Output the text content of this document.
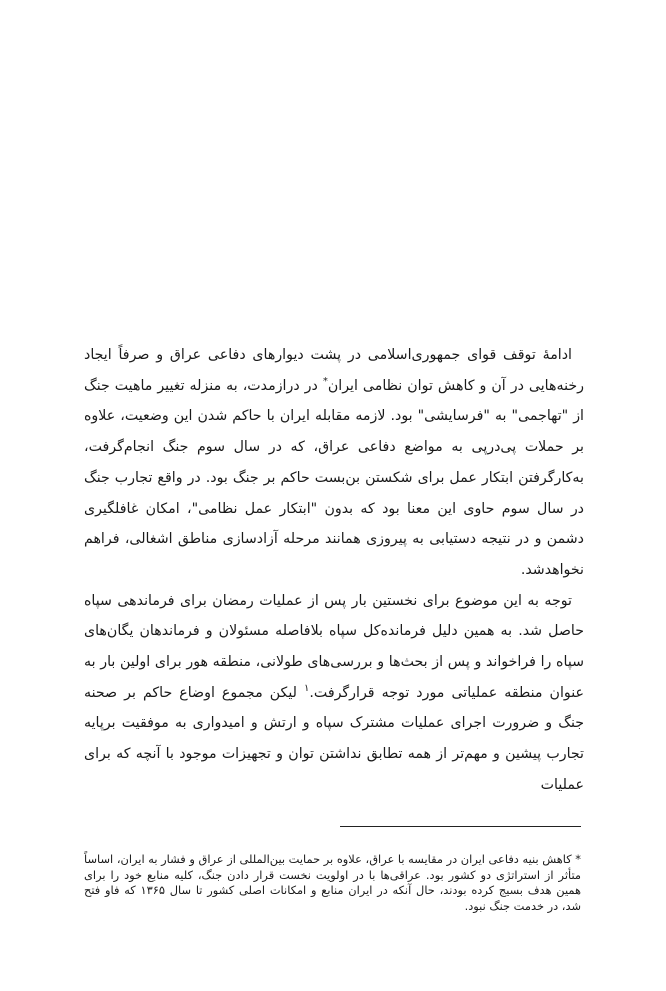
ادامهٔ توقف قوای جمهوری‌اسلامی در پشت دیوارهای دفاعی عراق و صرفاً ایجاد رخنه‌هایی در آن و کاهش توان نظامی ایران* در درازمدت، به منزله تغییر ماهیت جنگ از "تهاجمی" به "فرسایشی" بود. لازمه مقابله ایران با حاکم شدن این وضعیت، علاوه بر حملات پی‌درپی به مواضع دفاعی عراق، که در سال سوم جنگ انجام‌گرفت، به‌کارگرفتن ابتکار عمل برای شکستن بن‌بست حاکم بر جنگ بود. در واقع تجارب جنگ در سال سوم حاوی این معنا بود که بدون "ابتکار عمل نظامی"، امکان غافلگیری دشمن و در نتیجه دستیابی به پیروزی همانند مرحله آزادسازی مناطق اشغالی، فراهم نخواهدشد.

توجه به این موضوع برای نخستین بار پس از عملیات رمضان برای فرماندهی سپاه حاصل شد. به همین دلیل فرمانده‌کل سپاه بلافاصله مسئولان و فرماندهان یگان‌های سپاه را فراخواند و پس از بحث‌ها و بررسی‌های طولانی، منطقه هور برای اولین بار به عنوان منطقه عملیاتی مورد توجه قرارگرفت.$^۱$ لیکن مجموع اوضاع حاکم بر صحنه جنگ و ضرورت اجرای عملیات مشترک سپاه و ارتش و امیدواری به موفقیت برپایه تجارب پیشین و مهم‌تر از همه تطابق نداشتن توان و تجهیزات موجود با آنچه که برای عملیات

* کاهش بنیه دفاعی ایران در مقایسه با عراق، علاوه بر حمایت بین‌المللی از عراق و فشار به ایران، اساساً متأثر از استراتژی دو کشور بود. عراقی‌ها با در اولویت نخست قرار دادن جنگ، کلیه منابع خود را برای همین هدف بسیج کرده بودند، حال آنکه در ایران منابع و امکانات اصلی کشور تا سال ۱۳۶۵ که فاو فتح شد، در خدمت جنگ نبود.
